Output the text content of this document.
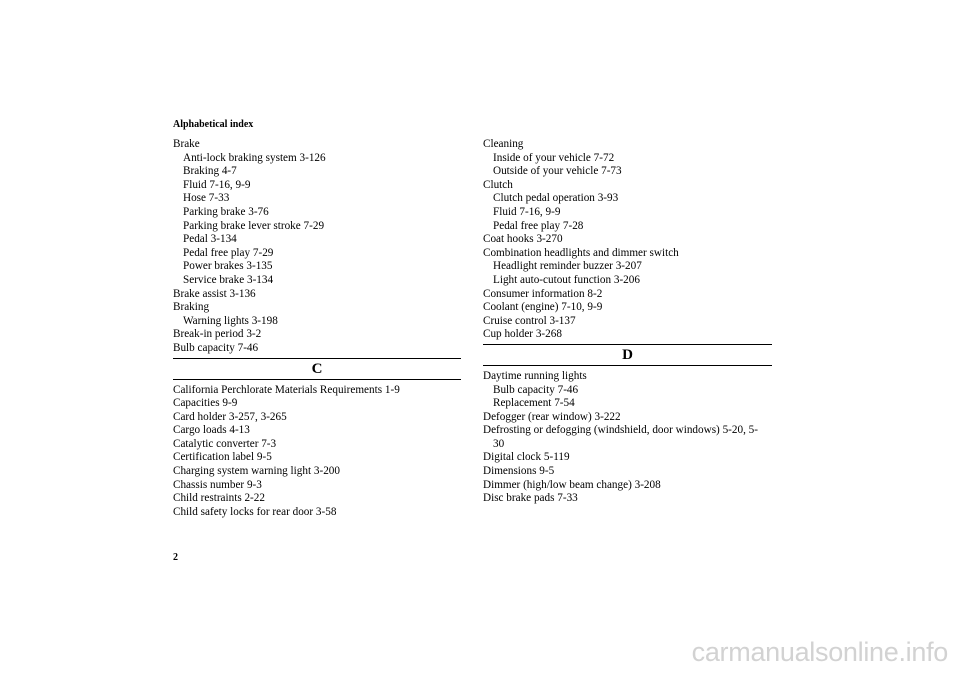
Alphabetical index
Brake
Anti-lock braking system 3-126
Braking 4-7
Fluid 7-16, 9-9
Hose 7-33
Parking brake 3-76
Parking brake lever stroke 7-29
Pedal 3-134
Pedal free play 7-29
Power brakes 3-135
Service brake 3-134
Brake assist 3-136
Braking
Warning lights 3-198
Break-in period 3-2
Bulb capacity 7-46
C
California Perchlorate Materials Requirements 1-9
Capacities 9-9
Card holder 3-257, 3-265
Cargo loads 4-13
Catalytic converter 7-3
Certification label 9-5
Charging system warning light 3-200
Chassis number 9-3
Child restraints 2-22
Child safety locks for rear door 3-58
Cleaning
Inside of your vehicle 7-72
Outside of your vehicle 7-73
Clutch
Clutch pedal operation 3-93
Fluid 7-16, 9-9
Pedal free play 7-28
Coat hooks 3-270
Combination headlights and dimmer switch
Headlight reminder buzzer 3-207
Light auto-cutout function 3-206
Consumer information 8-2
Coolant (engine) 7-10, 9-9
Cruise control 3-137
Cup holder 3-268
D
Daytime running lights
Bulb capacity 7-46
Replacement 7-54
Defogger (rear window) 3-222
Defrosting or defogging (windshield, door windows) 5-20, 5-
30
Digital clock 5-119
Dimensions 9-5
Dimmer (high/low beam change) 3-208
Disc brake pads 7-33
2
carmanualsonline.info
